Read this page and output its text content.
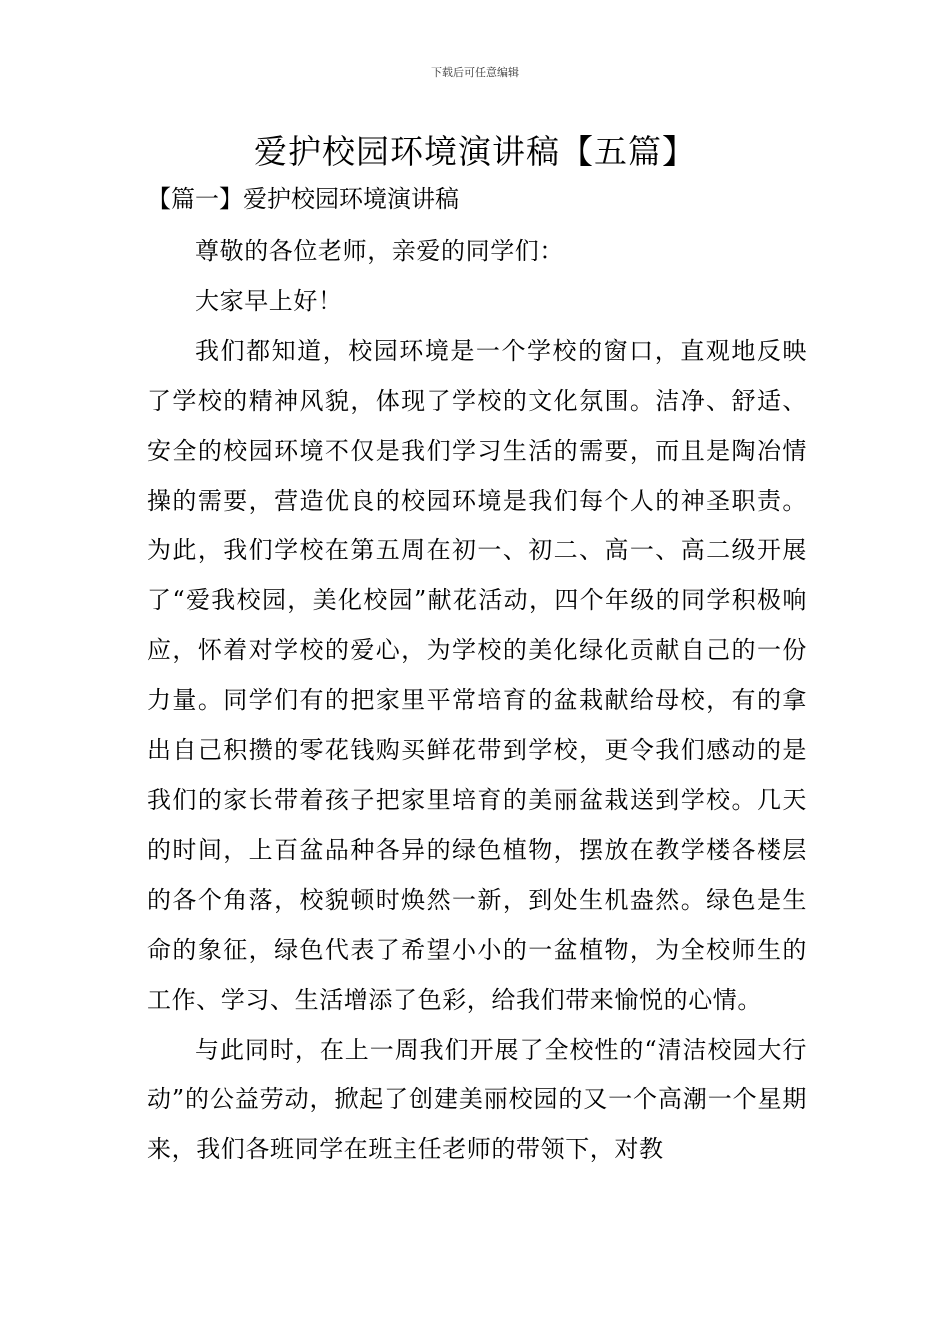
下载后可任意编辑
爱护校园环境演讲稿【五篇】
【篇一】爱护校园环境演讲稿

尊敬的各位老师，亲爱的同学们：

大家早上好！

我们都知道，校园环境是一个学校的窗口，直观地反映了学校的精神风貌，体现了学校的文化氛围。洁净、舒适、安全的校园环境不仅是我们学习生活的需要，而且是陶冶情操的需要，营造优良的校园环境是我们每个人的神圣职责。为此，我们学校在第五周在初一、初二、高一、高二级开展了“爱我校园，美化校园”献花活动，四个年级的同学积极响应，怀着对学校的爱心，为学校的美化绿化贡献自己的一份力量。同学们有的把家里平常培育的盆栽献给母校，有的拿出自己积攒的零花钱购买鲜花带到学校，更令我们感动的是我们的家长带着孩子把家里培育的美丽盆栽送到学校。几天的时间，上百盆品种各异的绿色植物，摆放在教学楼各楼层的各个角落，校貌顿时焕然一新，到处生机盎然。绿色是生命的象征，绿色代表了希望小小的一盆植物，为全校师生的工作、学习、生活增添了色彩，给我们带来愉悦的心情。

与此同时，在上一周我们开展了全校性的“清洁校园大行动”的公益劳动，掀起了创建美丽校园的又一个高潮一个星期来，我们各班同学在班主任老师的带领下，对教
